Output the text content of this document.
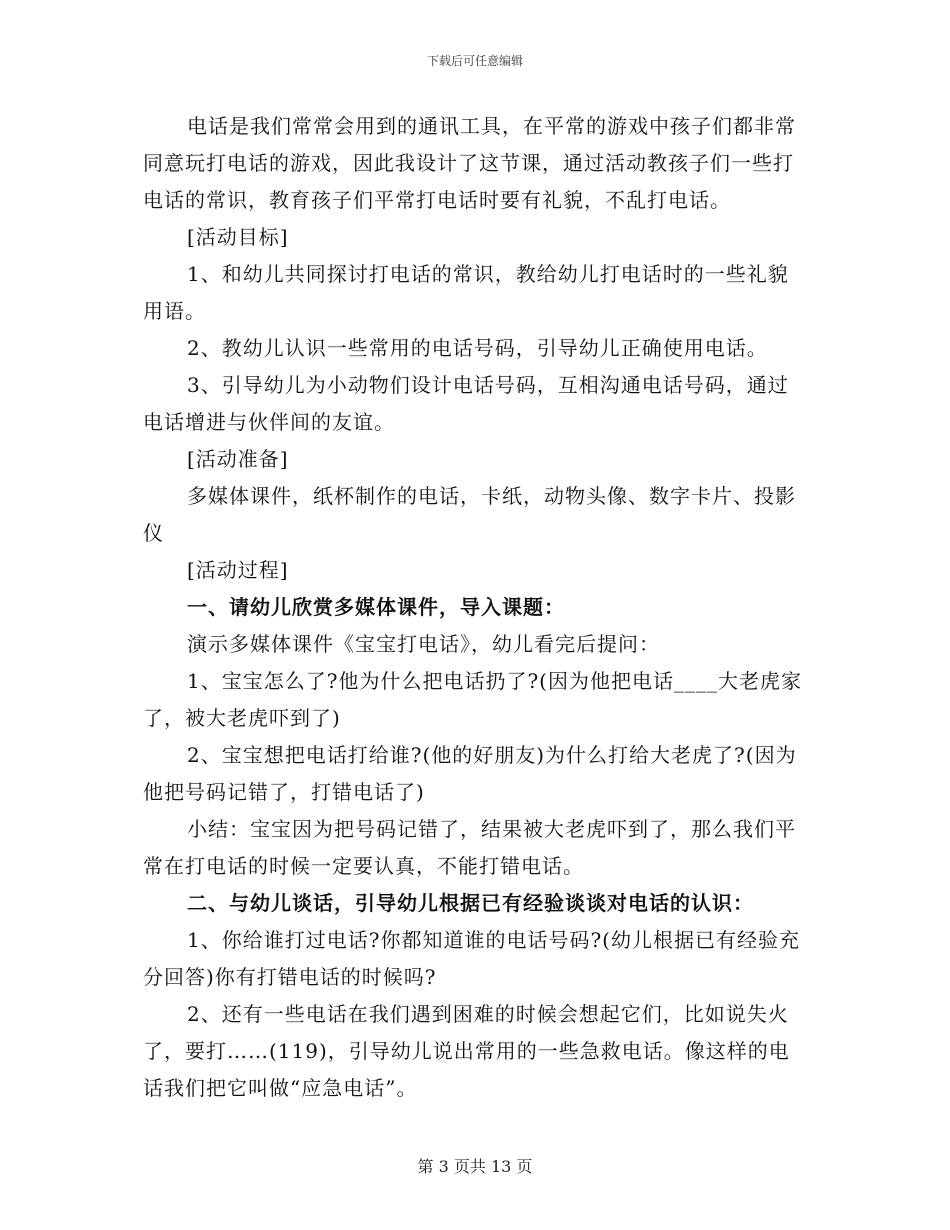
下载后可任意编辑

电话是我们常常会用到的通讯工具，在平常的游戏中孩子们都非常同意玩打电话的游戏，因此我设计了这节课，通过活动教孩子们一些打电话的常识，教育孩子们平常打电话时要有礼貌，不乱打电话。

[活动目标]

1、和幼儿共同探讨打电话的常识，教给幼儿打电话时的一些礼貌用语。

2、教幼儿认识一些常用的电话号码，引导幼儿正确使用电话。

3、引导幼儿为小动物们设计电话号码，互相沟通电话号码，通过电话增进与伙伴间的友谊。

[活动准备]

多媒体课件，纸杯制作的电话，卡纸，动物头像、数字卡片、投影仪

[活动过程]

一、请幼儿欣赏多媒体课件，导入课题：

演示多媒体课件《宝宝打电话》，幼儿看完后提问：

1、宝宝怎么了?他为什么把电话扔了?(因为他把电话____大老虎家了，被大老虎吓到了)

2、宝宝想把电话打给谁?(他的好朋友)为什么打给大老虎了?(因为他把号码记错了，打错电话了)

小结：宝宝因为把号码记错了，结果被大老虎吓到了，那么我们平常在打电话的时候一定要认真，不能打错电话。

二、与幼儿谈话，引导幼儿根据已有经验谈谈对电话的认识：

1、你给谁打过电话?你都知道谁的电话号码?(幼儿根据已有经验充分回答)你有打错电话的时候吗?

2、还有一些电话在我们遇到困难的时候会想起它们，比如说失火了，要打……(119)，引导幼儿说出常用的一些急救电话。像这样的电话我们把它叫做“应急电话”。

第 3 页共 13 页
